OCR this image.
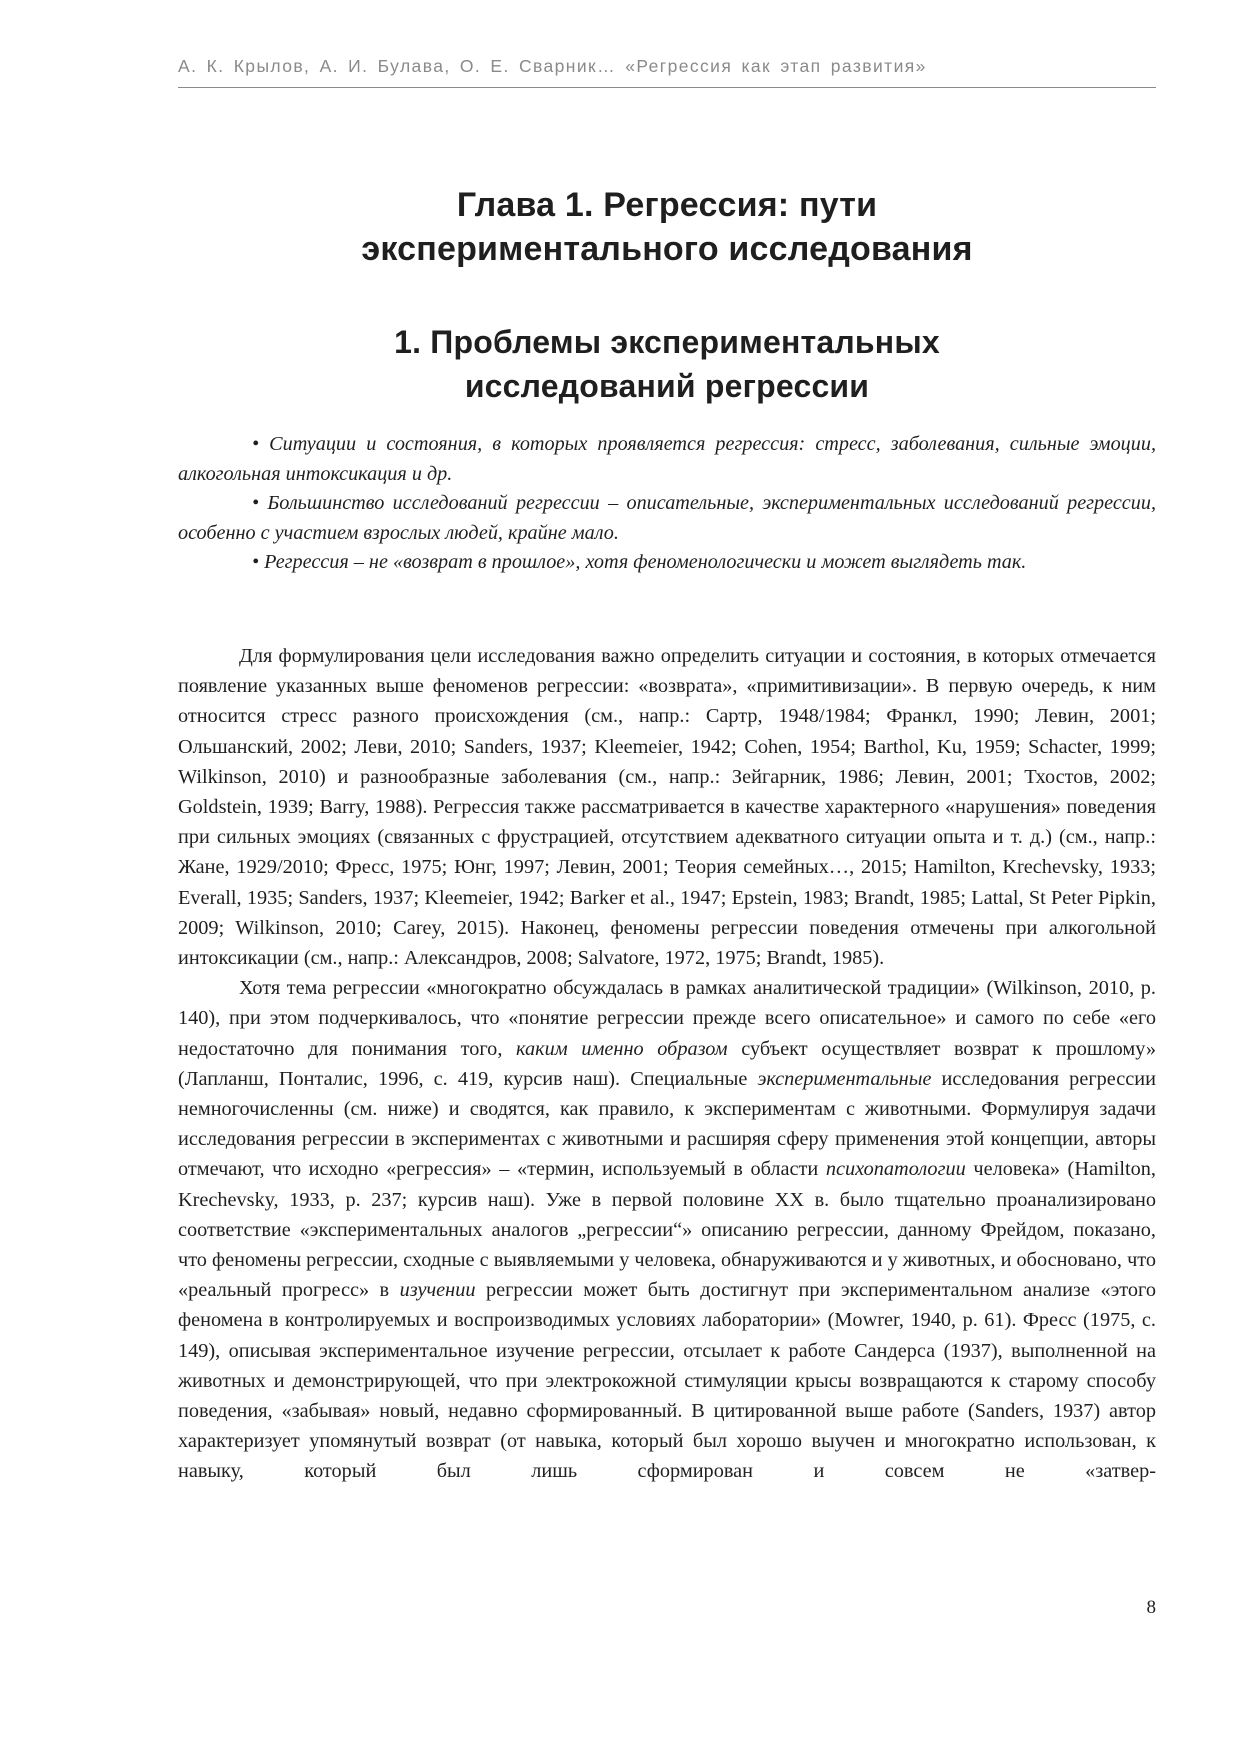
А. К. Крылов, А. И. Булава, О. Е. Сварник… «Регрессия как этап развития»
Глава 1. Регрессия: пути
экспериментального исследования
1. Проблемы экспериментальных
исследований регрессии

• Ситуации и состояния, в которых проявляется регрессия: стресс, заболевания, сильные эмоции, алкогольная интоксикация и др.

• Большинство исследований регрессии – описательные, экспериментальных исследований регрессии, особенно с участием взрослых людей, крайне мало.

• Регрессия – не «возврат в прошлое», хотя феноменологически и может выглядеть так.

Для формулирования цели исследования важно определить ситуации и состояния, в которых отмечается появление указанных выше феноменов регрессии: «возврата», «примитивизации». В первую очередь, к ним относится стресс разного происхождения (см., напр.: Сартр, 1948/1984; Франкл, 1990; Левин, 2001; Ольшанский, 2002; Леви, 2010; Sanders, 1937; Kleemeier, 1942; Cohen, 1954; Barthol, Ku, 1959; Schacter, 1999; Wilkinson, 2010) и разнообразные заболевания (см., напр.: Зейгарник, 1986; Левин, 2001; Тхостов, 2002; Goldstein, 1939; Barry, 1988). Регрессия также рассматривается в качестве характерного «нарушения» поведения при сильных эмоциях (связанных с фрустрацией, отсутствием адекватного ситуации опыта и т. д.) (см., напр.: Жане, 1929/2010; Фресс, 1975; Юнг, 1997; Левин, 2001; Теория семейных…, 2015; Hamilton, Krechevsky, 1933; Everall, 1935; Sanders, 1937; Kleemeier, 1942; Barker et al., 1947; Epstein, 1983; Brandt, 1985; Lattal, St Peter Pipkin, 2009; Wilkinson, 2010; Carey, 2015). Наконец, феномены регрессии поведения отмечены при алкогольной интоксикации (см., напр.: Александров, 2008; Salvatore, 1972, 1975; Brandt, 1985).

Хотя тема регрессии «многократно обсуждалась в рамках аналитической традиции» (Wilkinson, 2010, p. 140), при этом подчеркивалось, что «понятие регрессии прежде всего описательное» и самого по себе «его недостаточно для понимания того, каким именно образом субъект осуществляет возврат к прошлому» (Лапланш, Понталис, 1996, с. 419, курсив наш). Специальные экспериментальные исследования регрессии немногочисленны (см. ниже) и сводятся, как правило, к экспериментам с животными. Формулируя задачи исследования регрессии в экспериментах с животными и расширяя сферу применения этой концепции, авторы отмечают, что исходно «регрессия» – «термин, используемый в области психопатологии человека» (Hamilton, Krechevsky, 1933, p. 237; курсив наш). Уже в первой половине XX в. было тщательно проанализировано соответствие «экспериментальных аналогов „регрессии“» описанию регрессии, данному Фрейдом, показано, что феномены регрессии, сходные с выявляемыми у человека, обнаруживаются и у животных, и обосновано, что «реальный прогресс» в изучении регрессии может быть достигнут при экспериментальном анализе «этого феномена в контролируемых и воспроизводимых условиях лаборатории» (Mowrer, 1940, p. 61). Фресс (1975, с. 149), описывая экспериментальное изучение регрессии, отсылает к работе Сандерса (1937), выполненной на животных и демонстрирующей, что при электрокожной стимуляции крысы возвращаются к старому способу поведения, «забывая» новый, недавно сформированный. В цитированной выше работе (Sanders, 1937) автор характеризует упомянутый возврат (от навыка, который был хорошо выучен и многократно использован, к навыку, который был лишь сформирован и совсем не «затвер-

8
